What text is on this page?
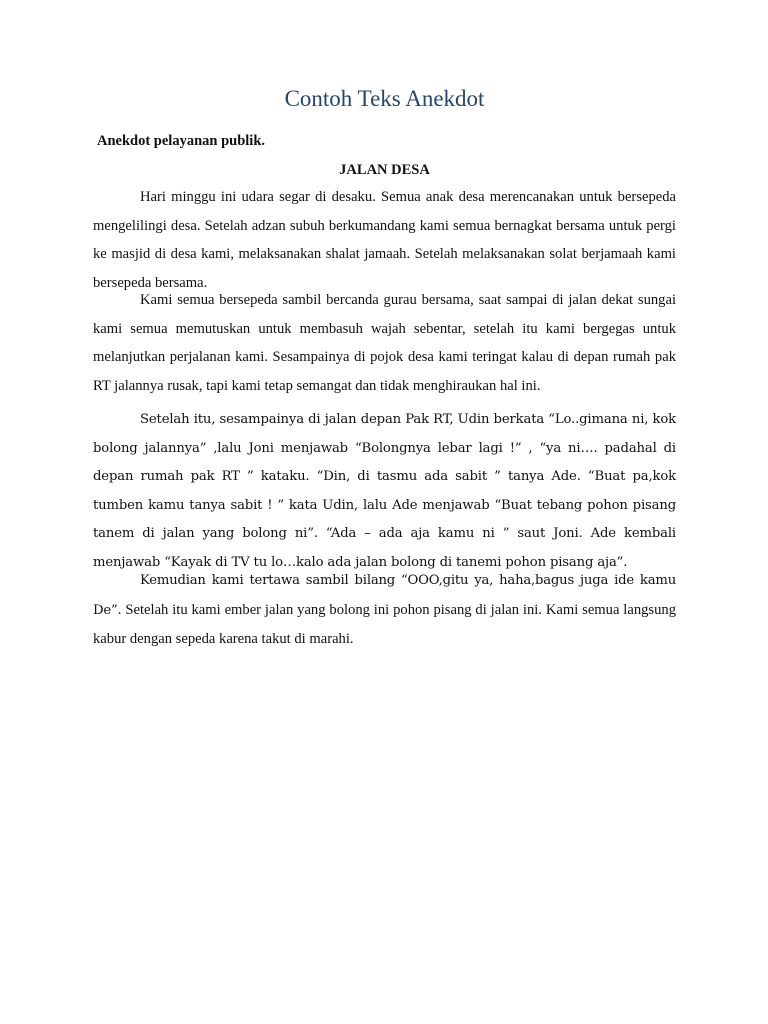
Contoh Teks Anekdot

Anekdot pelayanan publik.

JALAN DESA

Hari minggu ini udara segar di desaku. Semua anak desa merencanakan untuk bersepeda mengelilingi desa. Setelah adzan subuh berkumandang kami semua bernagkat bersama untuk pergi ke masjid di desa kami, melaksanakan shalat jamaah. Setelah melaksanakan solat berjamaah kami bersepeda bersama.

Kami semua bersepeda sambil bercanda gurau bersama, saat sampai di jalan dekat sungai kami semua memutuskan untuk membasuh wajah sebentar, setelah itu kami bergegas untuk melanjutkan perjalanan kami. Sesampainya di pojok desa kami teringat kalau di depan rumah pak RT jalannya rusak, tapi kami tetap semangat dan tidak menghiraukan hal ini.

Setelah itu, sesampainya di jalan depan Pak RT, Udin berkata “Lo..gimana ni, kok bolong jalannya” ,lalu Joni menjawab “Bolongnya lebar lagi !” , “ya ni…. padahal di depan rumah pak RT ” kataku. “Din, di tasmu ada sabit ” tanya Ade. “Buat pa,kok tumben kamu tanya sabit ! ” kata Udin, lalu Ade menjawab “Buat tebang pohon pisang tanem di jalan yang bolong ni”. “Ada – ada aja kamu ni ” saut Joni. Ade kembali menjawab “Kayak di TV tu lo…kalo ada jalan bolong di tanemi pohon pisang aja”.

Kemudian kami tertawa sambil bilang “OOO,gitu ya, haha,bagus juga ide kamu De”. Setelah itu kami ember jalan yang bolong ini pohon pisang di jalan ini. Kami semua langsung kabur dengan sepeda karena takut di marahi.
